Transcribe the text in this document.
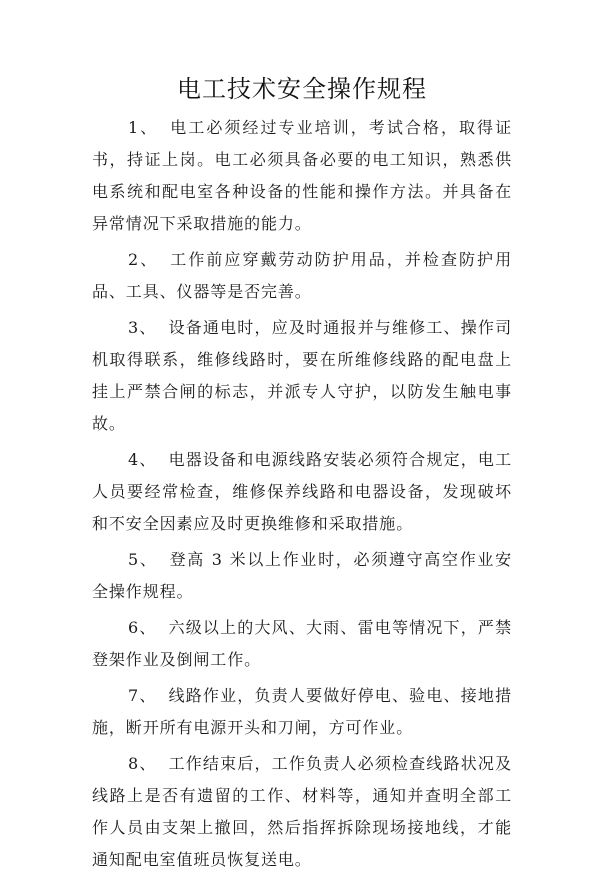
电工技术安全操作规程

1、 电工必须经过专业培训，考试合格，取得证书，持证上岗。电工必须具备必要的电工知识，熟悉供电系统和配电室各种设备的性能和操作方法。并具备在异常情况下采取措施的能力。

2、 工作前应穿戴劳动防护用品，并检查防护用品、工具、仪器等是否完善。

3、 设备通电时，应及时通报并与维修工、操作司机取得联系，维修线路时，要在所维修线路的配电盘上挂上严禁合闸的标志，并派专人守护，以防发生触电事故。

4、 电器设备和电源线路安装必须符合规定，电工人员要经常检查，维修保养线路和电器设备，发现破坏和不安全因素应及时更换维修和采取措施。

5、 登高 3 米以上作业时，必须遵守高空作业安全操作规程。

6、 六级以上的大风、大雨、雷电等情况下，严禁登架作业及倒闸工作。

7、 线路作业，负责人要做好停电、验电、接地措施，断开所有电源开头和刀闸，方可作业。

8、 工作结束后，工作负责人必须检查线路状况及线路上是否有遗留的工作、材料等，通知并查明全部工作人员由支架上撤回，然后指挥拆除现场接地线，才能通知配电室值班员恢复送电。
